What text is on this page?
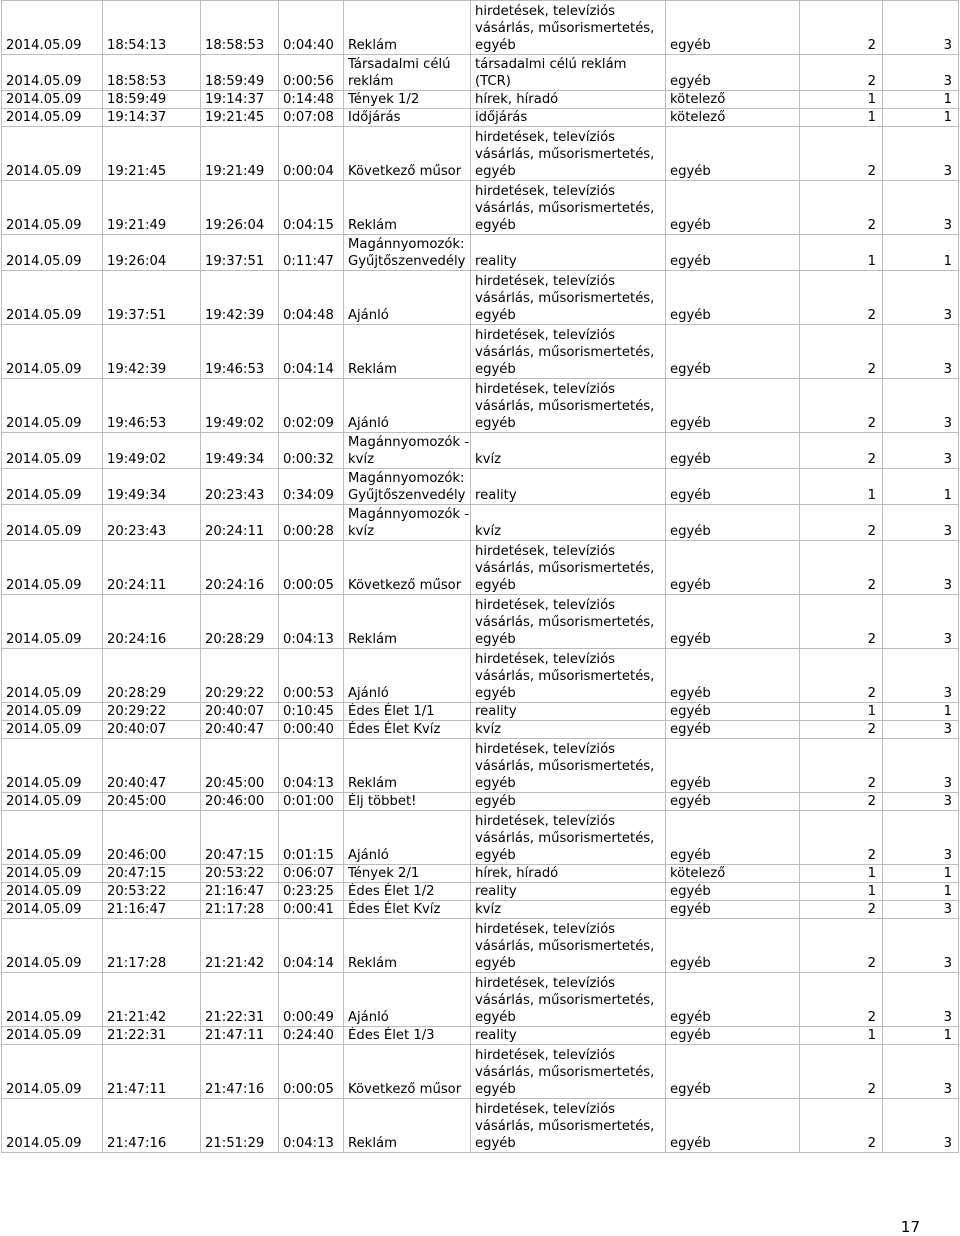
2014.05.09	18:54:13	18:58:53	0:04:40	Reklám	hirdetések, televíziós vásárlás, műsorismertetés, egyéb	egyéb	2	3
2014.05.09	18:58:53	18:59:49	0:00:56	Társadalmi célú reklám	társadalmi célú reklám (TCR)	egyéb	2	3
2014.05.09	18:59:49	19:14:37	0:14:48	Tények 1/2	hírek, híradó	kötelező	1	1
2014.05.09	19:14:37	19:21:45	0:07:08	Időjárás	időjárás	kötelező	1	1
2014.05.09	19:21:45	19:21:49	0:00:04	Következő műsor	hirdetések, televíziós vásárlás, műsorismertetés, egyéb	egyéb	2	3
2014.05.09	19:21:49	19:26:04	0:04:15	Reklám	hirdetések, televíziós vásárlás, műsorismertetés, egyéb	egyéb	2	3
2014.05.09	19:26:04	19:37:51	0:11:47	Magánnyomozók: Gyűjtőszenvedély	reality	egyéb	1	1
2014.05.09	19:37:51	19:42:39	0:04:48	Ajánló	hirdetések, televíziós vásárlás, műsorismertetés, egyéb	egyéb	2	3
2014.05.09	19:42:39	19:46:53	0:04:14	Reklám	hirdetések, televíziós vásárlás, műsorismertetés, egyéb	egyéb	2	3
2014.05.09	19:46:53	19:49:02	0:02:09	Ajánló	hirdetések, televíziós vásárlás, műsorismertetés, egyéb	egyéb	2	3
2014.05.09	19:49:02	19:49:34	0:00:32	Magánnyomozók - kvíz	kvíz	egyéb	2	3
2014.05.09	19:49:34	20:23:43	0:34:09	Magánnyomozók: Gyűjtőszenvedély	reality	egyéb	1	1
2014.05.09	20:23:43	20:24:11	0:00:28	Magánnyomozók - kvíz	kvíz	egyéb	2	3
2014.05.09	20:24:11	20:24:16	0:00:05	Következő műsor	hirdetések, televíziós vásárlás, műsorismertetés, egyéb	egyéb	2	3
2014.05.09	20:24:16	20:28:29	0:04:13	Reklám	hirdetések, televíziós vásárlás, műsorismertetés, egyéb	egyéb	2	3
2014.05.09	20:28:29	20:29:22	0:00:53	Ajánló	hirdetések, televíziós vásárlás, műsorismertetés, egyéb	egyéb	2	3
2014.05.09	20:29:22	20:40:07	0:10:45	Édes Élet 1/1	reality	egyéb	1	1
2014.05.09	20:40:07	20:40:47	0:00:40	Édes Élet Kvíz	kvíz	egyéb	2	3
2014.05.09	20:40:47	20:45:00	0:04:13	Reklám	hirdetések, televíziós vásárlás, műsorismertetés, egyéb	egyéb	2	3
2014.05.09	20:45:00	20:46:00	0:01:00	Élj többet!	egyéb	egyéb	2	3
2014.05.09	20:46:00	20:47:15	0:01:15	Ajánló	hirdetések, televíziós vásárlás, műsorismertetés, egyéb	egyéb	2	3
2014.05.09	20:47:15	20:53:22	0:06:07	Tények 2/1	hírek, híradó	kötelező	1	1
2014.05.09	20:53:22	21:16:47	0:23:25	Édes Élet 1/2	reality	egyéb	1	1
2014.05.09	21:16:47	21:17:28	0:00:41	Édes Élet Kvíz	kvíz	egyéb	2	3
2014.05.09	21:17:28	21:21:42	0:04:14	Reklám	hirdetések, televíziós vásárlás, műsorismertetés, egyéb	egyéb	2	3
2014.05.09	21:21:42	21:22:31	0:00:49	Ajánló	hirdetések, televíziós vásárlás, műsorismertetés, egyéb	egyéb	2	3
2014.05.09	21:22:31	21:47:11	0:24:40	Édes Élet 1/3	reality	egyéb	1	1
2014.05.09	21:47:11	21:47:16	0:00:05	Következő műsor	hirdetések, televíziós vásárlás, műsorismertetés, egyéb	egyéb	2	3
2014.05.09	21:47:16	21:51:29	0:04:13	Reklám	hirdetések, televíziós vásárlás, műsorismertetés, egyéb	egyéb	2	3
17
